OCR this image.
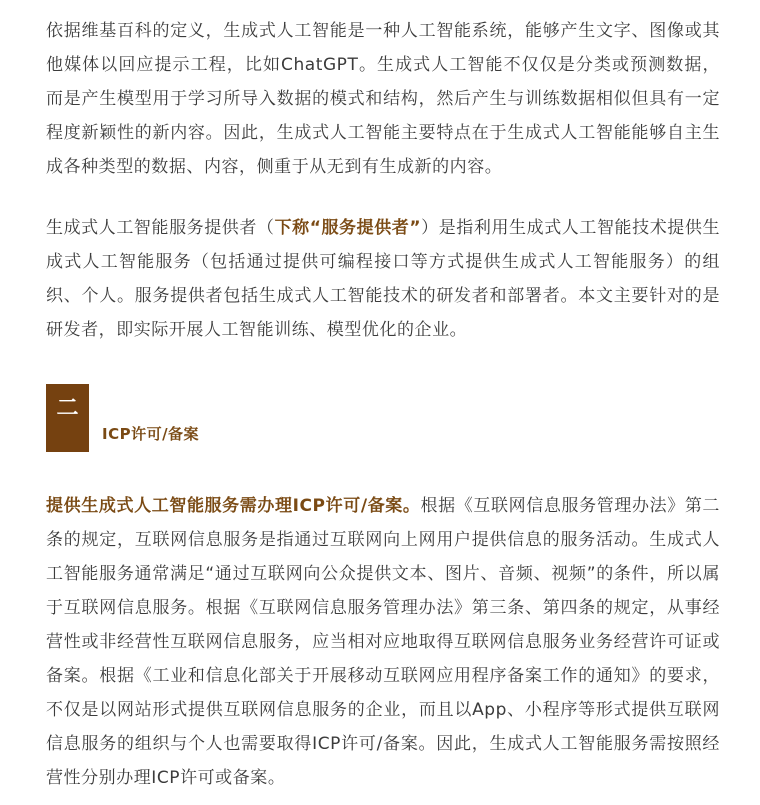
依据维基百科的定义，生成式人工智能是一种人工智能系统，能够产生文字、图像或其他媒体以回应提示工程，比如ChatGPT。生成式人工智能不仅仅是分类或预测数据，而是产生模型用于学习所导入数据的模式和结构，然后产生与训练数据相似但具有一定程度新颖性的新内容。因此，生成式人工智能主要特点在于生成式人工智能能够自主生成各种类型的数据、内容，侧重于从无到有生成新的内容。

生成式人工智能服务提供者（下称“服务提供者”）是指利用生成式人工智能技术提供生成式人工智能服务（包括通过提供可编程接口等方式提供生成式人工智能服务）的组织、个人。服务提供者包括生成式人工智能技术的研发者和部署者。本文主要针对的是研发者，即实际开展人工智能训练、模型优化的企业。

二
ICP许可/备案

提供生成式人工智能服务需办理ICP许可/备案。根据《互联网信息服务管理办法》第二条的规定，互联网信息服务是指通过互联网向上网用户提供信息的服务活动。生成式人工智能服务通常满足“通过互联网向公众提供文本、图片、音频、视频”的条件，所以属于互联网信息服务。根据《互联网信息服务管理办法》第三条、第四条的规定，从事经营性或非经营性互联网信息服务，应当相对应地取得互联网信息服务业务经营许可证或备案。根据《工业和信息化部关于开展移动互联网应用程序备案工作的通知》的要求，不仅是以网站形式提供互联网信息服务的企业，而且以App、小程序等形式提供互联网信息服务的组织与个人也需要取得ICP许可/备案。因此，生成式人工智能服务需按照经营性分别办理ICP许可或备案。
